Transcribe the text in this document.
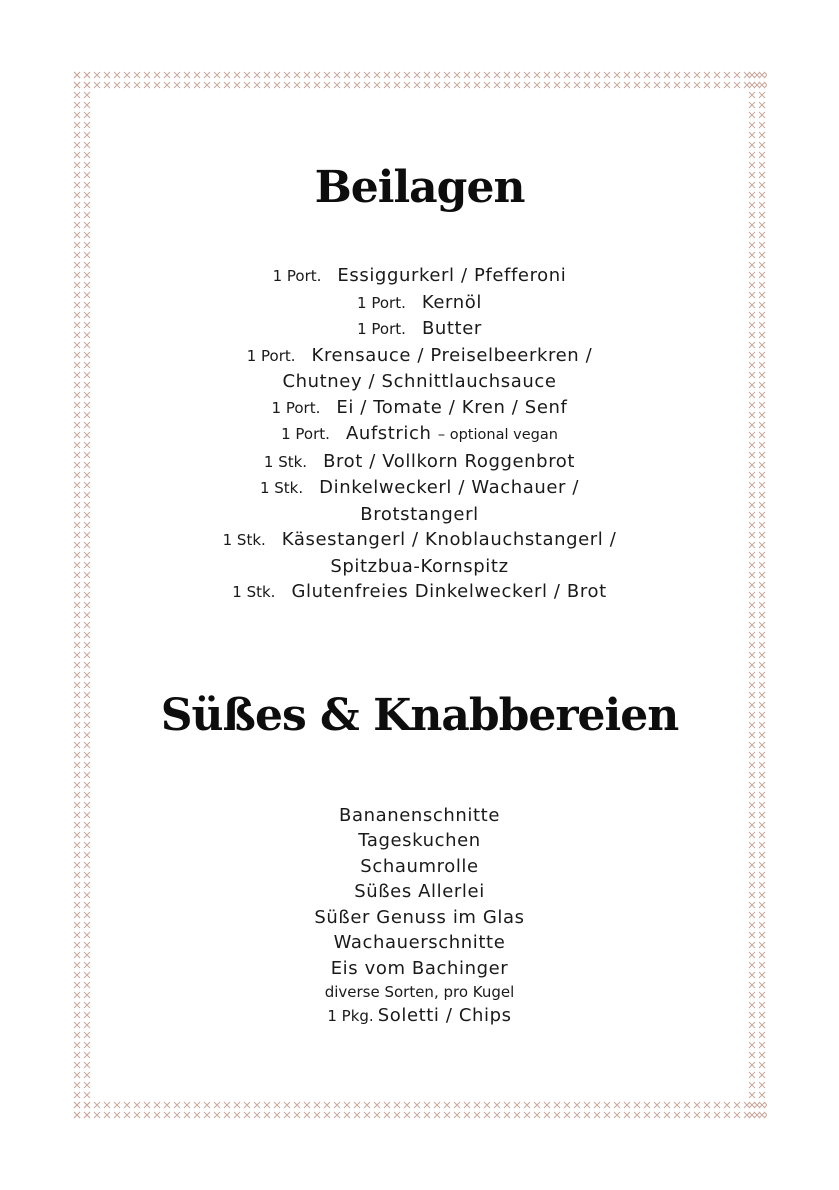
Beilagen
1 Port. Essiggurkerl / Pfefferoni
1 Port. Kernöl
1 Port. Butter
1 Port. Krensauce / Preiselbeerkren /
Chutney / Schnittlauchsauce
1 Port. Ei / Tomate / Kren / Senf
1 Port. Aufstrich – optional vegan
1 Stk. Brot / Vollkorn Roggenbrot
1 Stk. Dinkelweckerl / Wachauer /
Brotstangerl
1 Stk. Käsestangerl / Knoblauchstangerl /
Spitzbua-Kornspitz
1 Stk. Glutenfreies Dinkelweckerl / Brot
Süßes & Knabbereien
Bananenschnitte
Tageskuchen
Schaumrolle
Süßes Allerlei
Süßer Genuss im Glas
Wachauerschnitte
Eis vom Bachinger
diverse Sorten, pro Kugel
1 Pkg. Soletti / Chips
